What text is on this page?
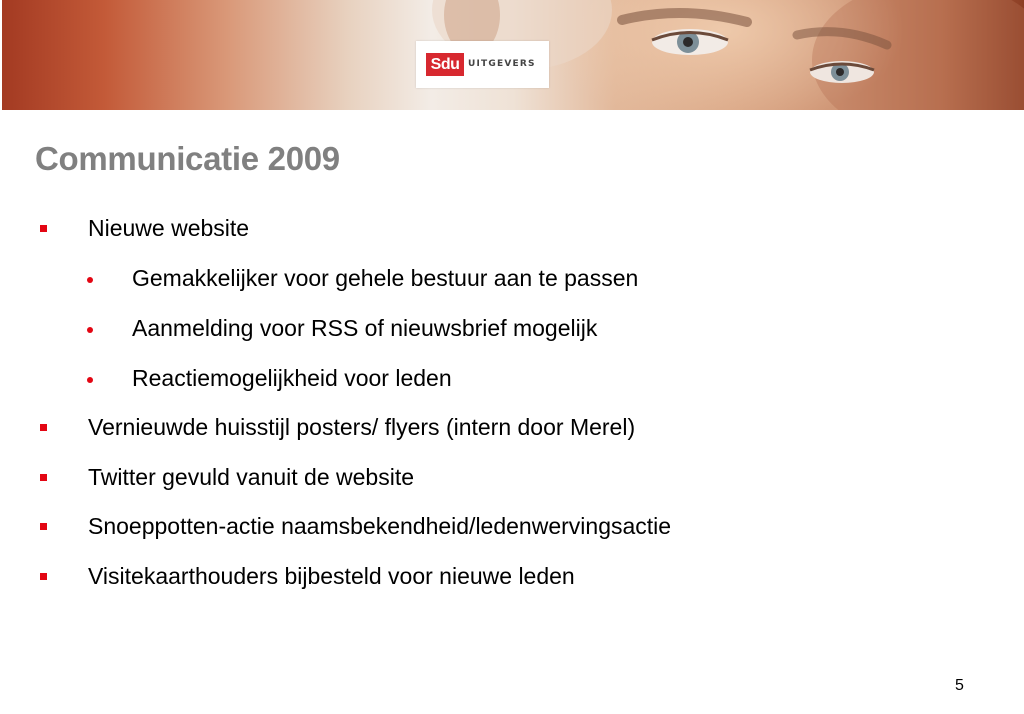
Sdu UITGEVERS
Communicatie 2009
Nieuwe website
Gemakkelijker voor gehele bestuur aan te passen
Aanmelding voor RSS of nieuwsbrief mogelijk
Reactiemogelijkheid voor leden
Vernieuwde huisstijl posters/ flyers (intern door Merel)
Twitter gevuld vanuit de website
Snoeppotten-actie naamsbekendheid/ledenwervingsactie
Visitekaarthouders bijbesteld voor nieuwe leden
5
